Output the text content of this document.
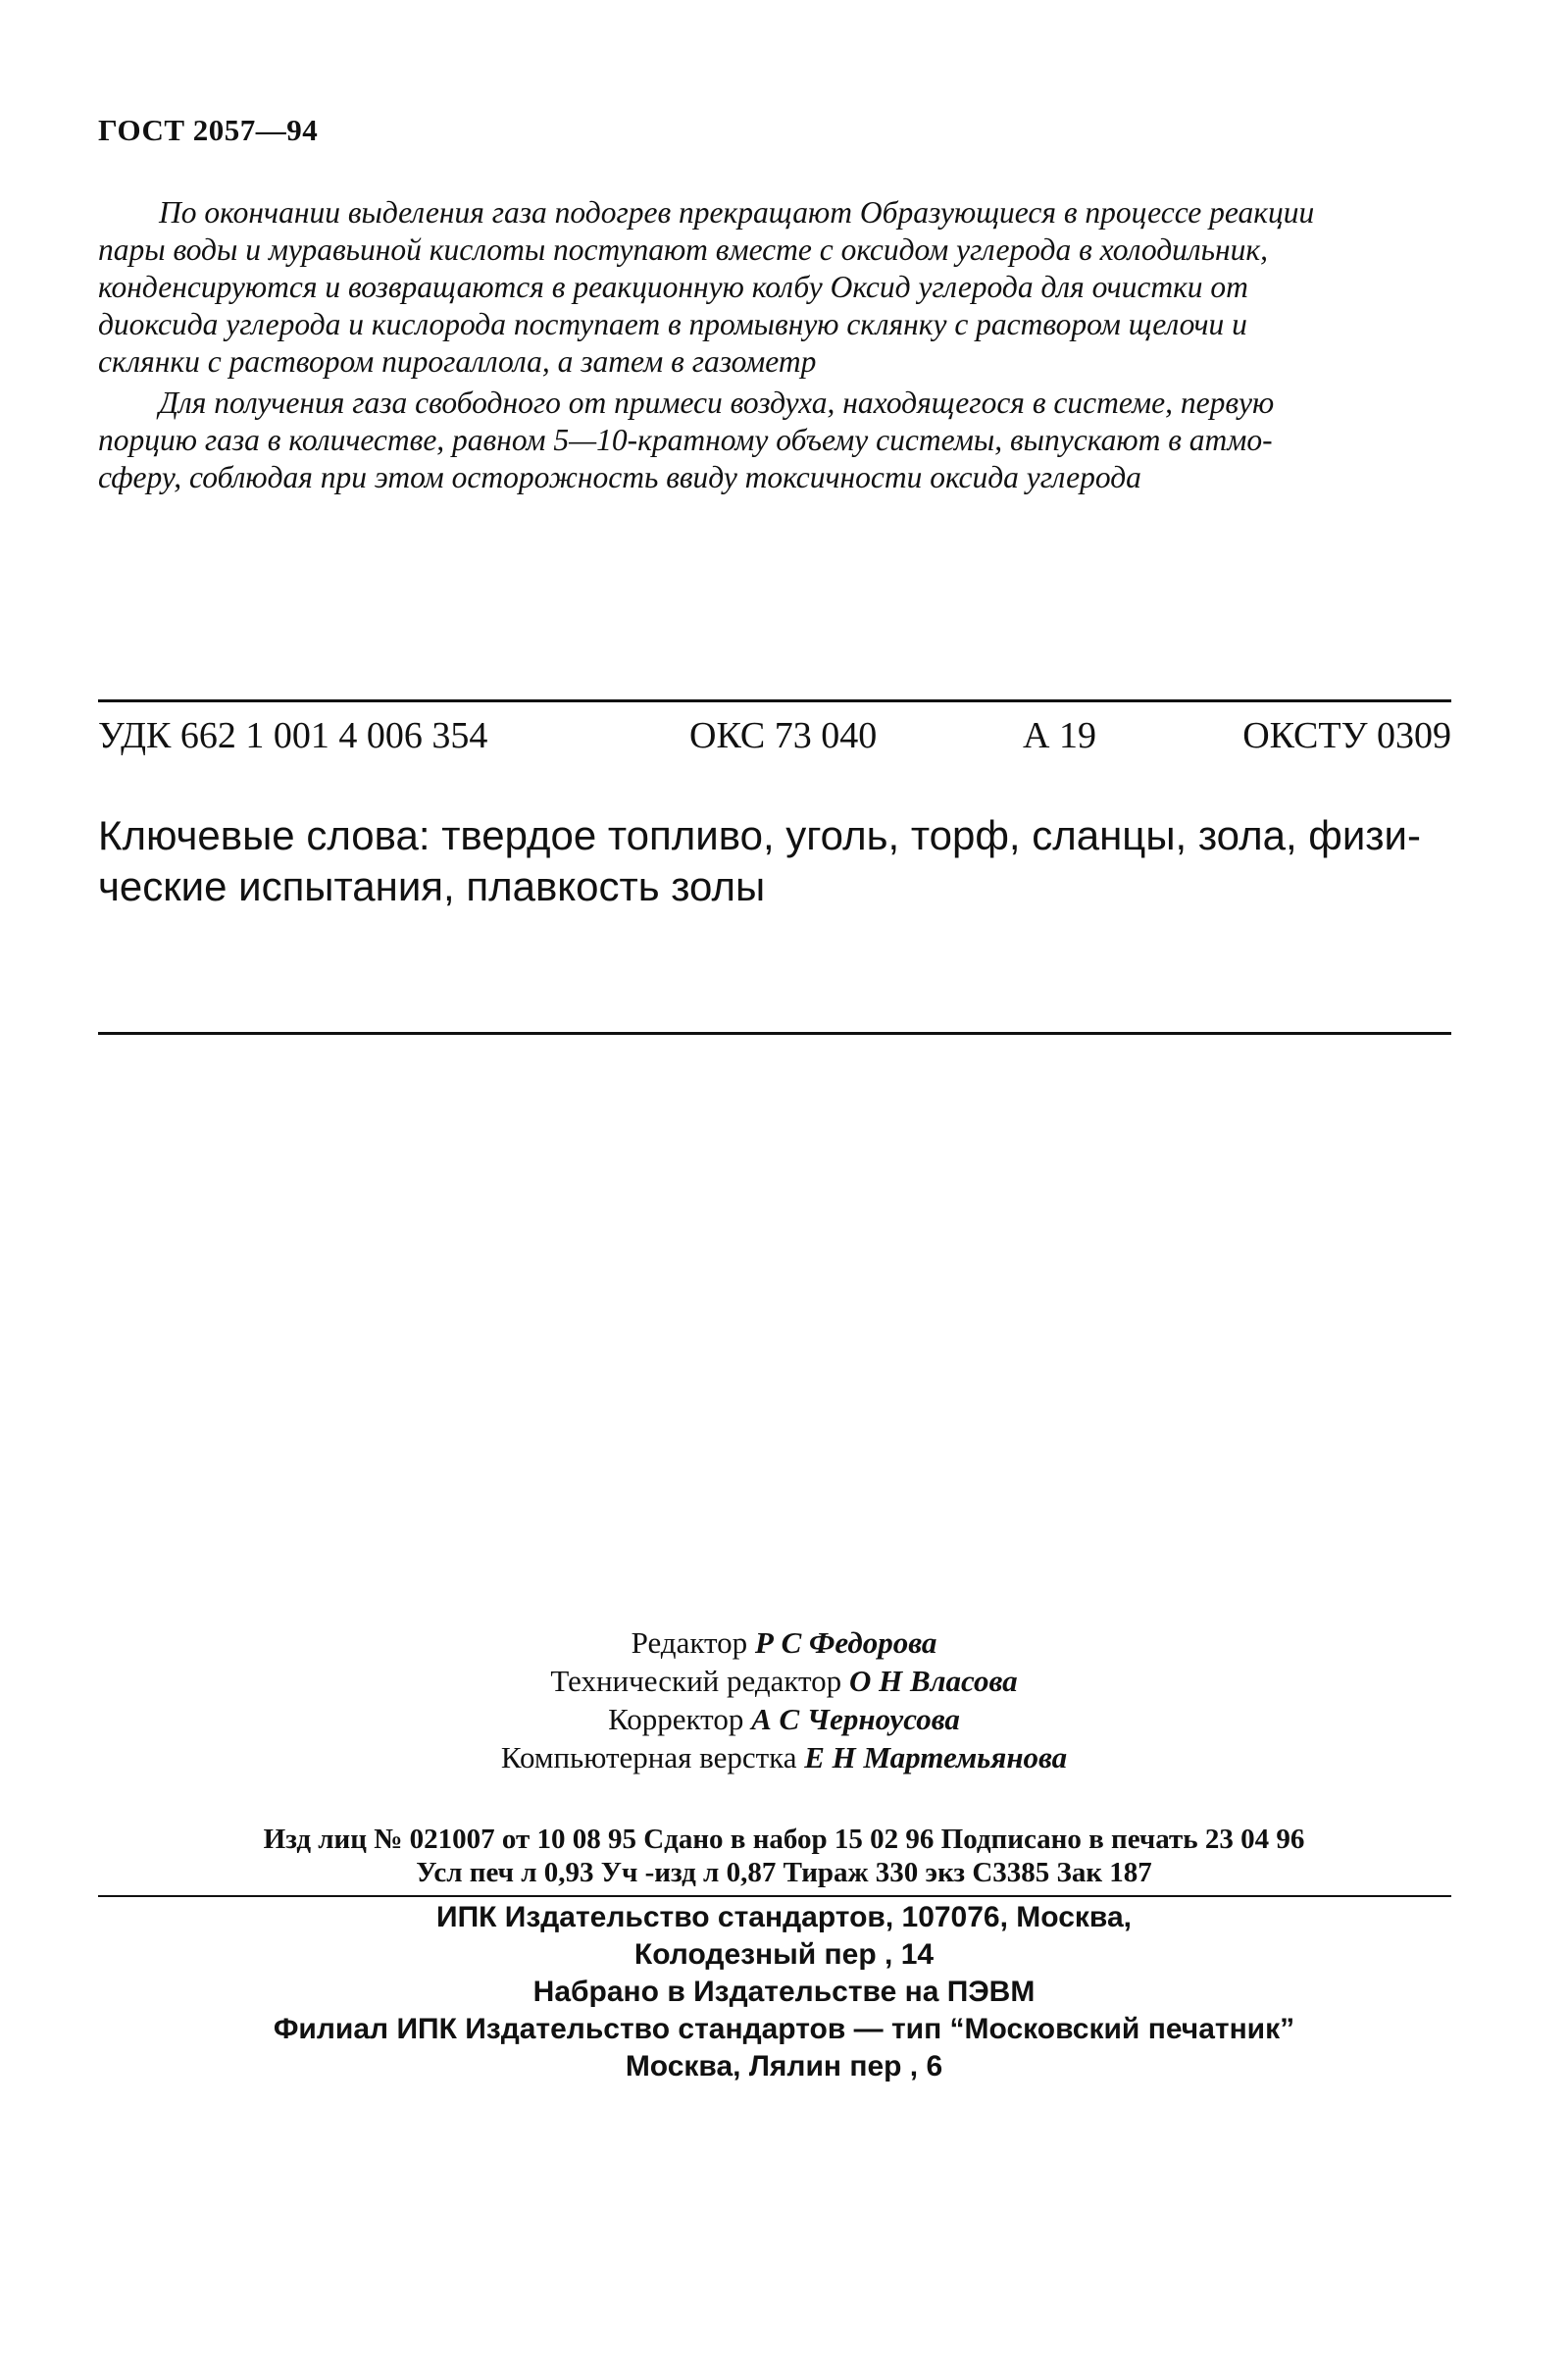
ГОСТ 2057—94
По окончании выделения газа подогрев прекращают Образующиеся в процессе реакции
пары воды и муравьиной кислоты поступают вместе с оксидом углерода в холодильник,
конденсируются и возвращаются в реакционную колбу Оксид углерода для очистки от
диоксида углерода и кислорода поступает в промывную склянку с раствором щелочи и
склянки с раствором пирогаллола, а затем в газометр
Для получения газа свободного от примеси воздуха, находящегося в системе, первую
порцию газа в количестве, равном 5—10-кратному объему системы, выпускают в атмо-
сферу, соблюдая при этом осторожность ввиду токсичности оксида углерода
УДК 662 1 001 4 006 354	ОКС 73 040	А 19	ОКСТУ 0309
Ключевые слова: твердое топливо, уголь, торф, сланцы, зола, физи-
ческие испытания, плавкость золы
Редактор Р С Федорова
Технический редактор О Н Власова
Корректор А С Черноусова
Компьютерная верстка Е Н Мартемьянова
Изд лиц № 021007 от 10 08 95 Сдано в набор 15 02 96 Подписано в печать 23 04 96
Усл печ л 0,93 Уч -изд л 0,87 Тираж 330 экз С3385 Зак 187
ИПК Издательство стандартов, 107076, Москва,
Колодезный пер , 14
Набрано в Издательстве на ПЭВМ
Филиал ИПК Издательство стандартов — тип “Московский печатник”
Москва, Лялин пер , 6
